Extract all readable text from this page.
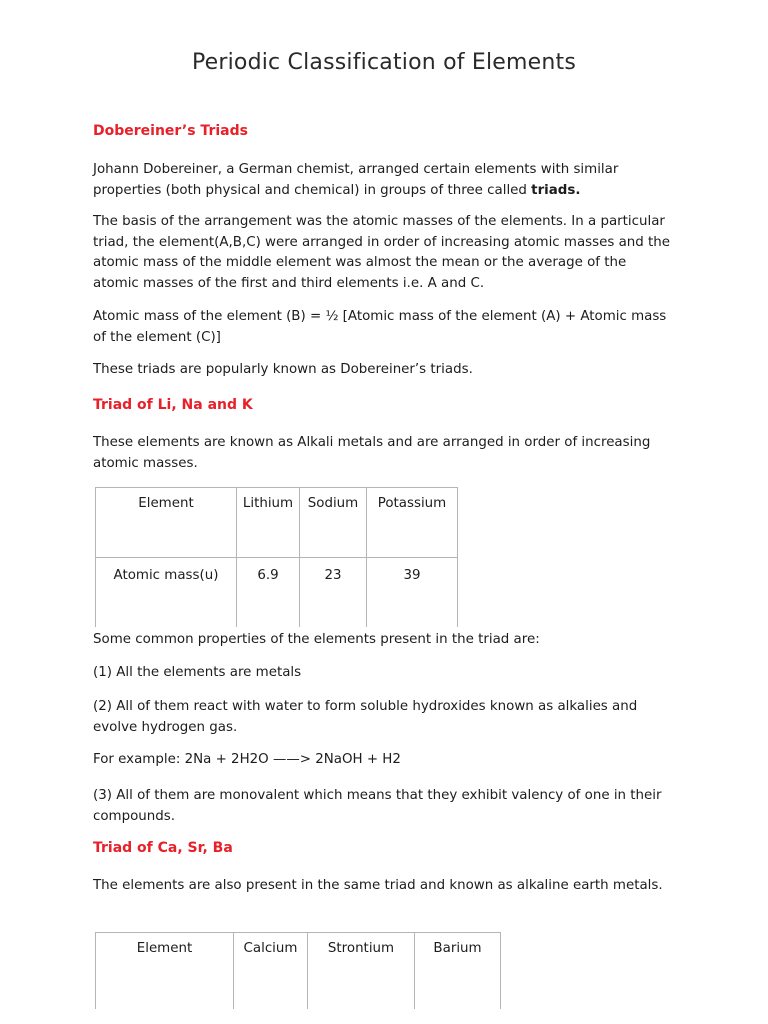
Periodic Classification of Elements
Dobereiner’s Triads

Johann Dobereiner, a German chemist, arranged certain elements with similar properties (both physical and chemical) in groups of three called triads.

The basis of the arrangement was the atomic masses of the elements. In a particular triad, the element(A,B,C) were arranged in order of increasing atomic masses and the atomic mass of the middle element was almost the mean or the average of the atomic masses of the first and third elements i.e. A and C.

Atomic mass of the element (B) = ½ [Atomic mass of the element (A) + Atomic mass of the element (C)]

These triads are popularly known as Dobereiner’s triads.

Triad of Li, Na and K

These elements are known as Alkali metals and are arranged in order of increasing atomic masses.

Element	Lithium	Sodium	Potassium
Atomic mass(u)	6.9	23	39

Some common properties of the elements present in the triad are:

(1) All the elements are metals

(2) All of them react with water to form soluble hydroxides known as alkalies and evolve hydrogen gas.

For example: 2Na + 2H2O ——> 2NaOH + H2

(3) All of them are monovalent which means that they exhibit valency of one in their compounds.

Triad of Ca, Sr, Ba

The elements are also present in the same triad and known as alkaline earth metals.

Element	Calcium	Strontium	Barium
